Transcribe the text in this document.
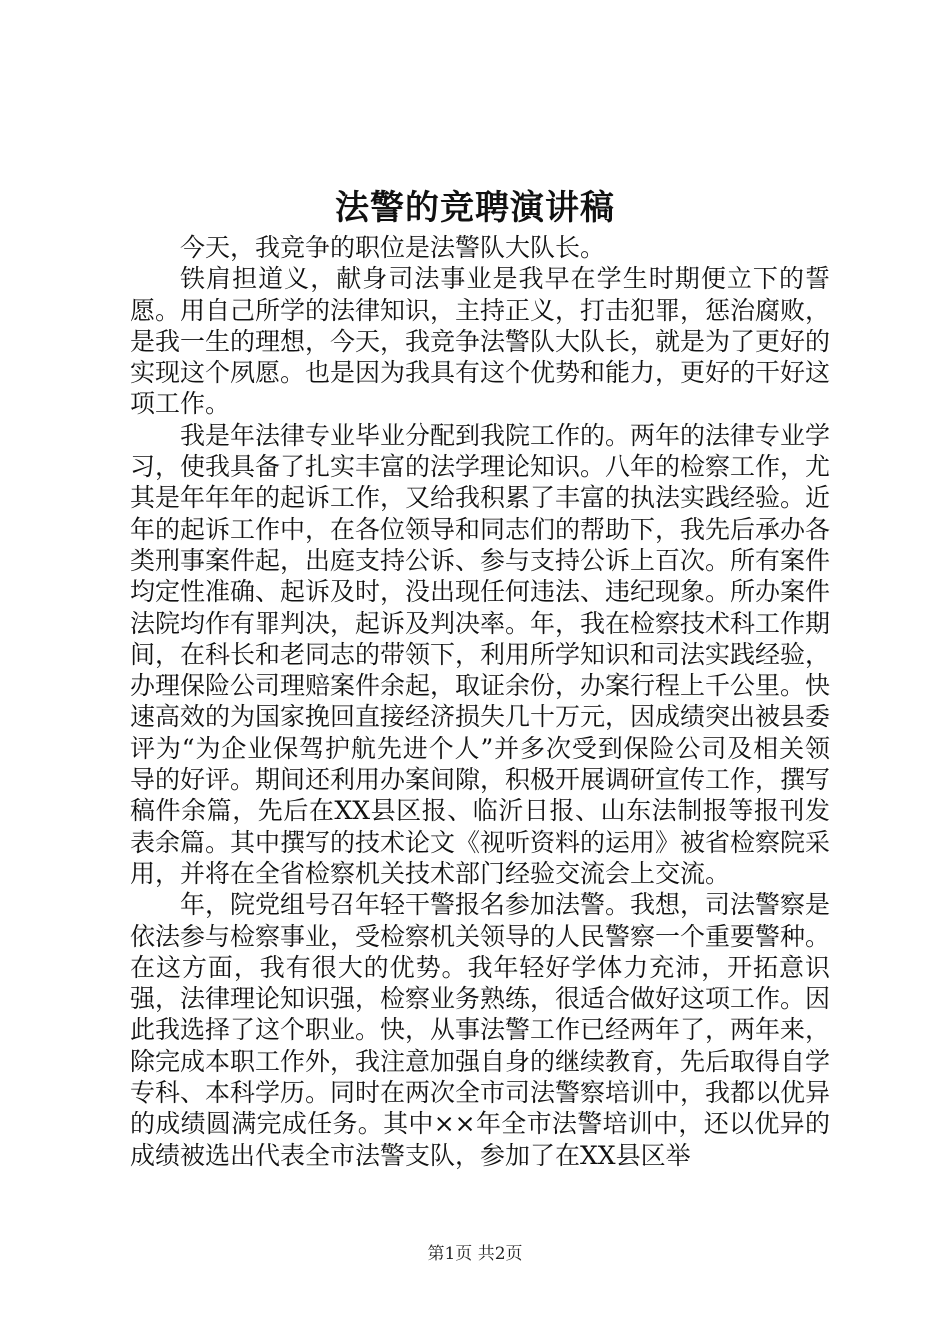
法警的竞聘演讲稿

今天，我竞争的职位是法警队大队长。

铁肩担道义，献身司法事业是我早在学生时期便立下的誓愿。用自己所学的法律知识，主持正义，打击犯罪，惩治腐败，是我一生的理想，今天，我竞争法警队大队长，就是为了更好的实现这个夙愿。也是因为我具有这个优势和能力，更好的干好这项工作。

我是年法律专业毕业分配到我院工作的。两年的法律专业学习，使我具备了扎实丰富的法学理论知识。八年的检察工作，尤其是年年年的起诉工作，又给我积累了丰富的执法实践经验。近年的起诉工作中，在各位领导和同志们的帮助下，我先后承办各类刑事案件起，出庭支持公诉、参与支持公诉上百次。所有案件均定性准确、起诉及时，没出现任何违法、违纪现象。所办案件法院均作有罪判决，起诉及判决率。年，我在检察技术科工作期间，在科长和老同志的带领下，利用所学知识和司法实践经验，办理保险公司理赔案件余起，取证余份，办案行程上千公里。快速高效的为国家挽回直接经济损失几十万元，因成绩突出被县委评为“为企业保驾护航先进个人”并多次受到保险公司及相关领导的好评。期间还利用办案间隙，积极开展调研宣传工作，撰写稿件余篇，先后在XX县区报、临沂日报、山东法制报等报刊发表余篇。其中撰写的技术论文《视听资料的运用》被省检察院采用，并将在全省检察机关技术部门经验交流会上交流。

年，院党组号召年轻干警报名参加法警。我想，司法警察是依法参与检察事业，受检察机关领导的人民警察一个重要警种。在这方面，我有很大的优势。我年轻好学体力充沛，开拓意识强，法律理论知识强，检察业务熟练，很适合做好这项工作。因此我选择了这个职业。快，从事法警工作已经两年了，两年来，除完成本职工作外，我注意加强自身的继续教育，先后取得自学专科、本科学历。同时在两次全市司法警察培训中，我都以优异的成绩圆满完成任务。其中××年全市法警培训中，还以优异的成绩被选出代表全市法警支队，参加了在XX县区举

第1页 共2页
